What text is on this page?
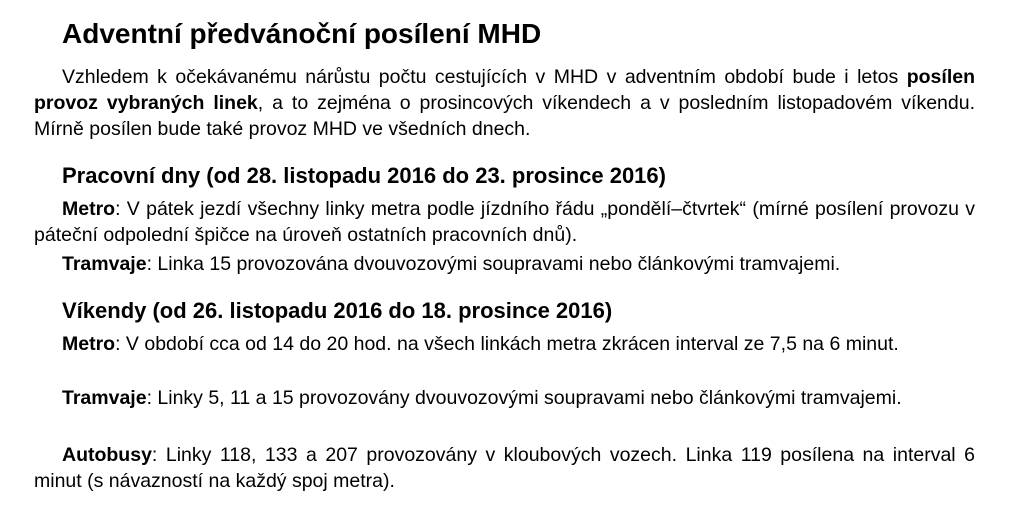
Adventní předvánoční posílení MHD

Vzhledem k očekávanému nárůstu počtu cestujících v MHD v adventním období bude i letos posílen provoz vybraných linek, a to zejména o prosincových víkendech a v posledním listopadovém víkendu. Mírně posílen bude také provoz MHD ve všedních dnech.

Pracovní dny (od 28. listopadu 2016 do 23. prosince 2016)

Metro: V pátek jezdí všechny linky metra podle jízdního řádu „pondělí–čtvrtek“ (mírné posílení provozu v páteční odpolední špičce na úroveň ostatních pracovních dnů).

Tramvaje: Linka 15 provozována dvouvozovými soupravami nebo článkovými tramvajemi.

Víkendy (od 26. listopadu 2016 do 18. prosince 2016)

Metro: V období cca od 14 do 20 hod. na všech linkách metra zkrácen interval ze 7,5 na 6 minut.

Tramvaje: Linky 5, 11 a 15 provozovány dvouvozovými soupravami nebo článkovými tramvajemi.

Autobusy: Linky 118, 133 a 207 provozovány v kloubových vozech. Linka 119 posílena na interval 6 minut (s návazností na každý spoj metra).
